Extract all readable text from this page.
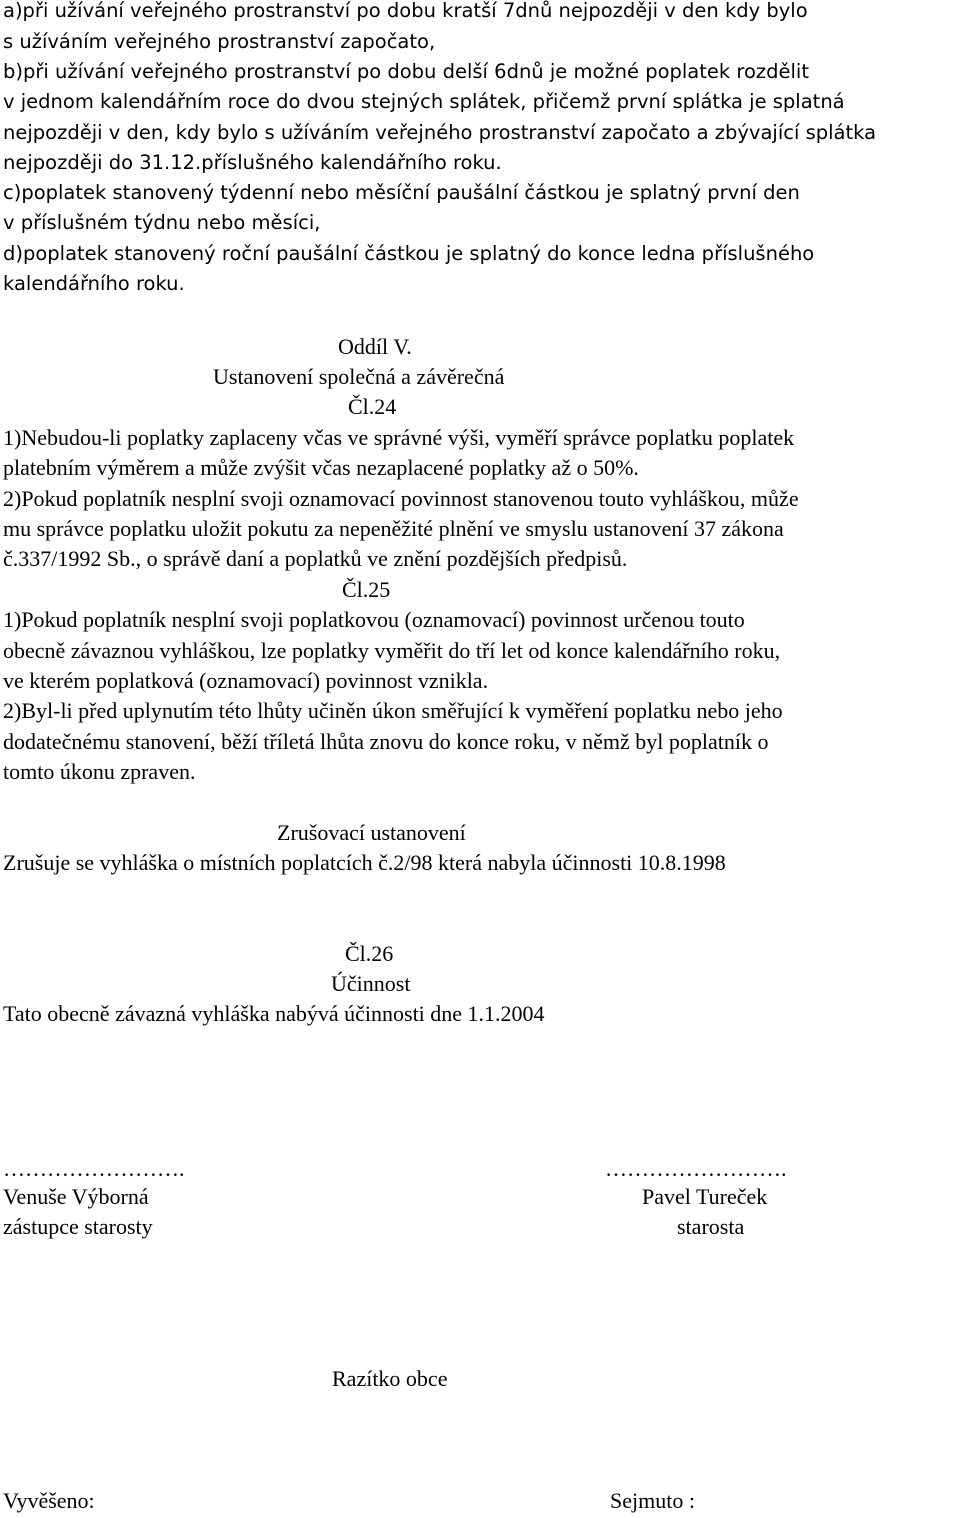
a)při užívání veřejného prostranství po dobu kratší 7dnů nejpozději v den kdy bylo

s užíváním veřejného prostranství započato,

b)při užívání veřejného prostranství po dobu delší 6dnů je možné poplatek rozdělit

v jednom kalendářním roce do dvou stejných splátek, přičemž první splátka je splatná

nejpozději v den, kdy bylo s užíváním veřejného prostranství započato a zbývající splátka

nejpozději do 31.12.příslušného kalendářního roku.

c)poplatek stanovený týdenní nebo měsíční paušální částkou je splatný první den

v příslušném týdnu nebo měsíci,

d)poplatek stanovený roční paušální částkou je splatný do konce ledna příslušného

kalendářního roku.

Oddíl V.

Ustanovení společná a závěrečná

Čl.24

1)Nebudou-li poplatky zaplaceny včas ve správné výši, vyměří správce poplatku poplatek

platebním výměrem a může zvýšit včas nezaplacené poplatky až o 50%.

2)Pokud poplatník nesplní svoji oznamovací povinnost stanovenou touto vyhláškou, může

mu správce poplatku uložit pokutu za nepeněžité plnění ve smyslu ustanovení 37 zákona

č.337/1992 Sb., o správě daní a poplatků ve znění pozdějších předpisů.

Čl.25

1)Pokud poplatník nesplní svoji poplatkovou (oznamovací) povinnost určenou touto

obecně závaznou vyhláškou, lze poplatky vyměřit do tří let od konce kalendářního roku,

ve kterém poplatková (oznamovací) povinnost vznikla.

2)Byl-li před uplynutím této lhůty učiněn úkon směřující k vyměření poplatku nebo jeho

dodatečnému stanovení, běží tříletá lhůta znovu do konce roku, v němž byl poplatník o

tomto úkonu zpraven.

Zrušovací ustanovení

Zrušuje se vyhláška o místních poplatcích č.2/98 která nabyla účinnosti 10.8.1998

Čl.26

Účinnost

Tato obecně závazná vyhláška nabývá účinnosti dne 1.1.2004

…………………….	…………………….

Venuše Výborná	Pavel Tureček

zástupce starosty	starosta

Razítko obce

Vyvěšeno:	Sejmuto :
